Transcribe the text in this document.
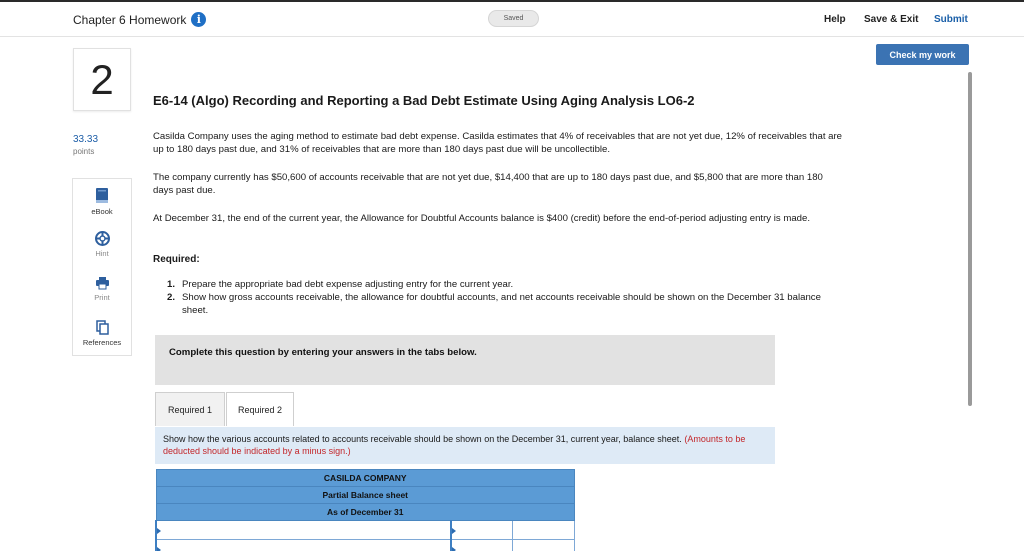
Chapter 6 Homework i	Saved	Help Save & Exit Submit
Check my work
2
33.33
points
eBook
Hint
Print
References
E6-14 (Algo) Recording and Reporting a Bad Debt Estimate Using Aging Analysis LO6-2
Casilda Company uses the aging method to estimate bad debt expense. Casilda estimates that 4% of receivables that are not yet due, 12% of receivables that are up to 180 days past due, and 31% of receivables that are more than 180 days past due will be uncollectible.
The company currently has $50,600 of accounts receivable that are not yet due, $14,400 that are up to 180 days past due, and $5,800 that are more than 180 days past due.
At December 31, the end of the current year, the Allowance for Doubtful Accounts balance is $400 (credit) before the end-of-period adjusting entry is made.
Required:
1. Prepare the appropriate bad debt expense adjusting entry for the current year.
2. Show how gross accounts receivable, the allowance for doubtful accounts, and net accounts receivable should be shown on the December 31 balance sheet.
Complete this question by entering your answers in the tabs below.
Required 1	Required 2
Show how the various accounts related to accounts receivable should be shown on the December 31, current year, balance sheet. (Amounts to be deducted should be indicated by a minus sign.)
CASILDA COMPANY		
Partial Balance sheet		
As of December 31		
